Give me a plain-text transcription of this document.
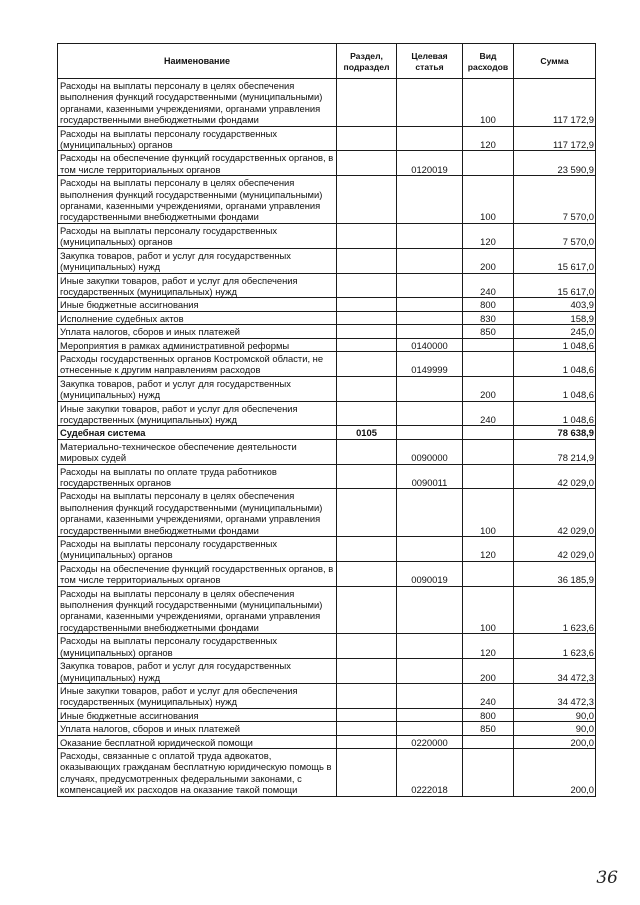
Наименование	Раздел, подраздел	Целевая статья	Вид расходов	Сумма
Расходы на выплаты персоналу в целях обеспечения выполнения функций государственными (муниципальными) органами, казенными учреждениями, органами управления государственными внебюджетными фондами			100	117 172,9
Расходы на выплаты персоналу государственных (муниципальных) органов			120	117 172,9
Расходы на обеспечение функций государственных органов, в том числе территориальных органов		0120019		23 590,9
Расходы на выплаты персоналу в целях обеспечения выполнения функций государственными (муниципальными) органами, казенными учреждениями, органами управления государственными внебюджетными фондами			100	7 570,0
Расходы на выплаты персоналу государственных (муниципальных) органов			120	7 570,0
Закупка товаров, работ и услуг для государственных (муниципальных) нужд			200	15 617,0
Иные закупки товаров, работ и услуг для обеспечения государственных (муниципальных) нужд			240	15 617,0
Иные бюджетные ассигнования			800	403,9
Исполнение судебных актов			830	158,9
Уплата налогов, сборов и иных платежей			850	245,0
Мероприятия в рамках административной реформы		0140000		1 048,6
Расходы государственных органов Костромской области, не отнесенные к другим направлениям расходов		0149999		1 048,6
Закупка товаров, работ и услуг для государственных (муниципальных) нужд			200	1 048,6
Иные закупки товаров, работ и услуг для обеспечения государственных (муниципальных) нужд			240	1 048,6
Судебная система	0105			78 638,9
Материально-техническое обеспечение деятельности мировых судей		0090000		78 214,9
Расходы на выплаты по оплате труда работников государственных органов		0090011		42 029,0
Расходы на выплаты персоналу в целях обеспечения выполнения функций государственными (муниципальными) органами, казенными учреждениями, органами управления государственными внебюджетными фондами			100	42 029,0
Расходы на выплаты персоналу государственных (муниципальных) органов			120	42 029,0
Расходы на обеспечение функций государственных органов, в том числе территориальных органов		0090019		36 185,9
Расходы на выплаты персоналу в целях обеспечения выполнения функций государственными (муниципальными) органами, казенными учреждениями, органами управления государственными внебюджетными фондами			100	1 623,6
Расходы на выплаты персоналу государственных (муниципальных) органов			120	1 623,6
Закупка товаров, работ и услуг для государственных (муниципальных) нужд			200	34 472,3
Иные закупки товаров, работ и услуг для обеспечения государственных (муниципальных) нужд			240	34 472,3
Иные бюджетные ассигнования			800	90,0
Уплата налогов, сборов и иных платежей			850	90,0
Оказание бесплатной юридической помощи		0220000		200,0
Расходы, связанные с оплатой труда адвокатов, оказывающих гражданам бесплатную юридическую помощь в случаях, предусмотренных федеральными законами, с компенсацией их расходов на оказание такой помощи		0222018		200,0
36
